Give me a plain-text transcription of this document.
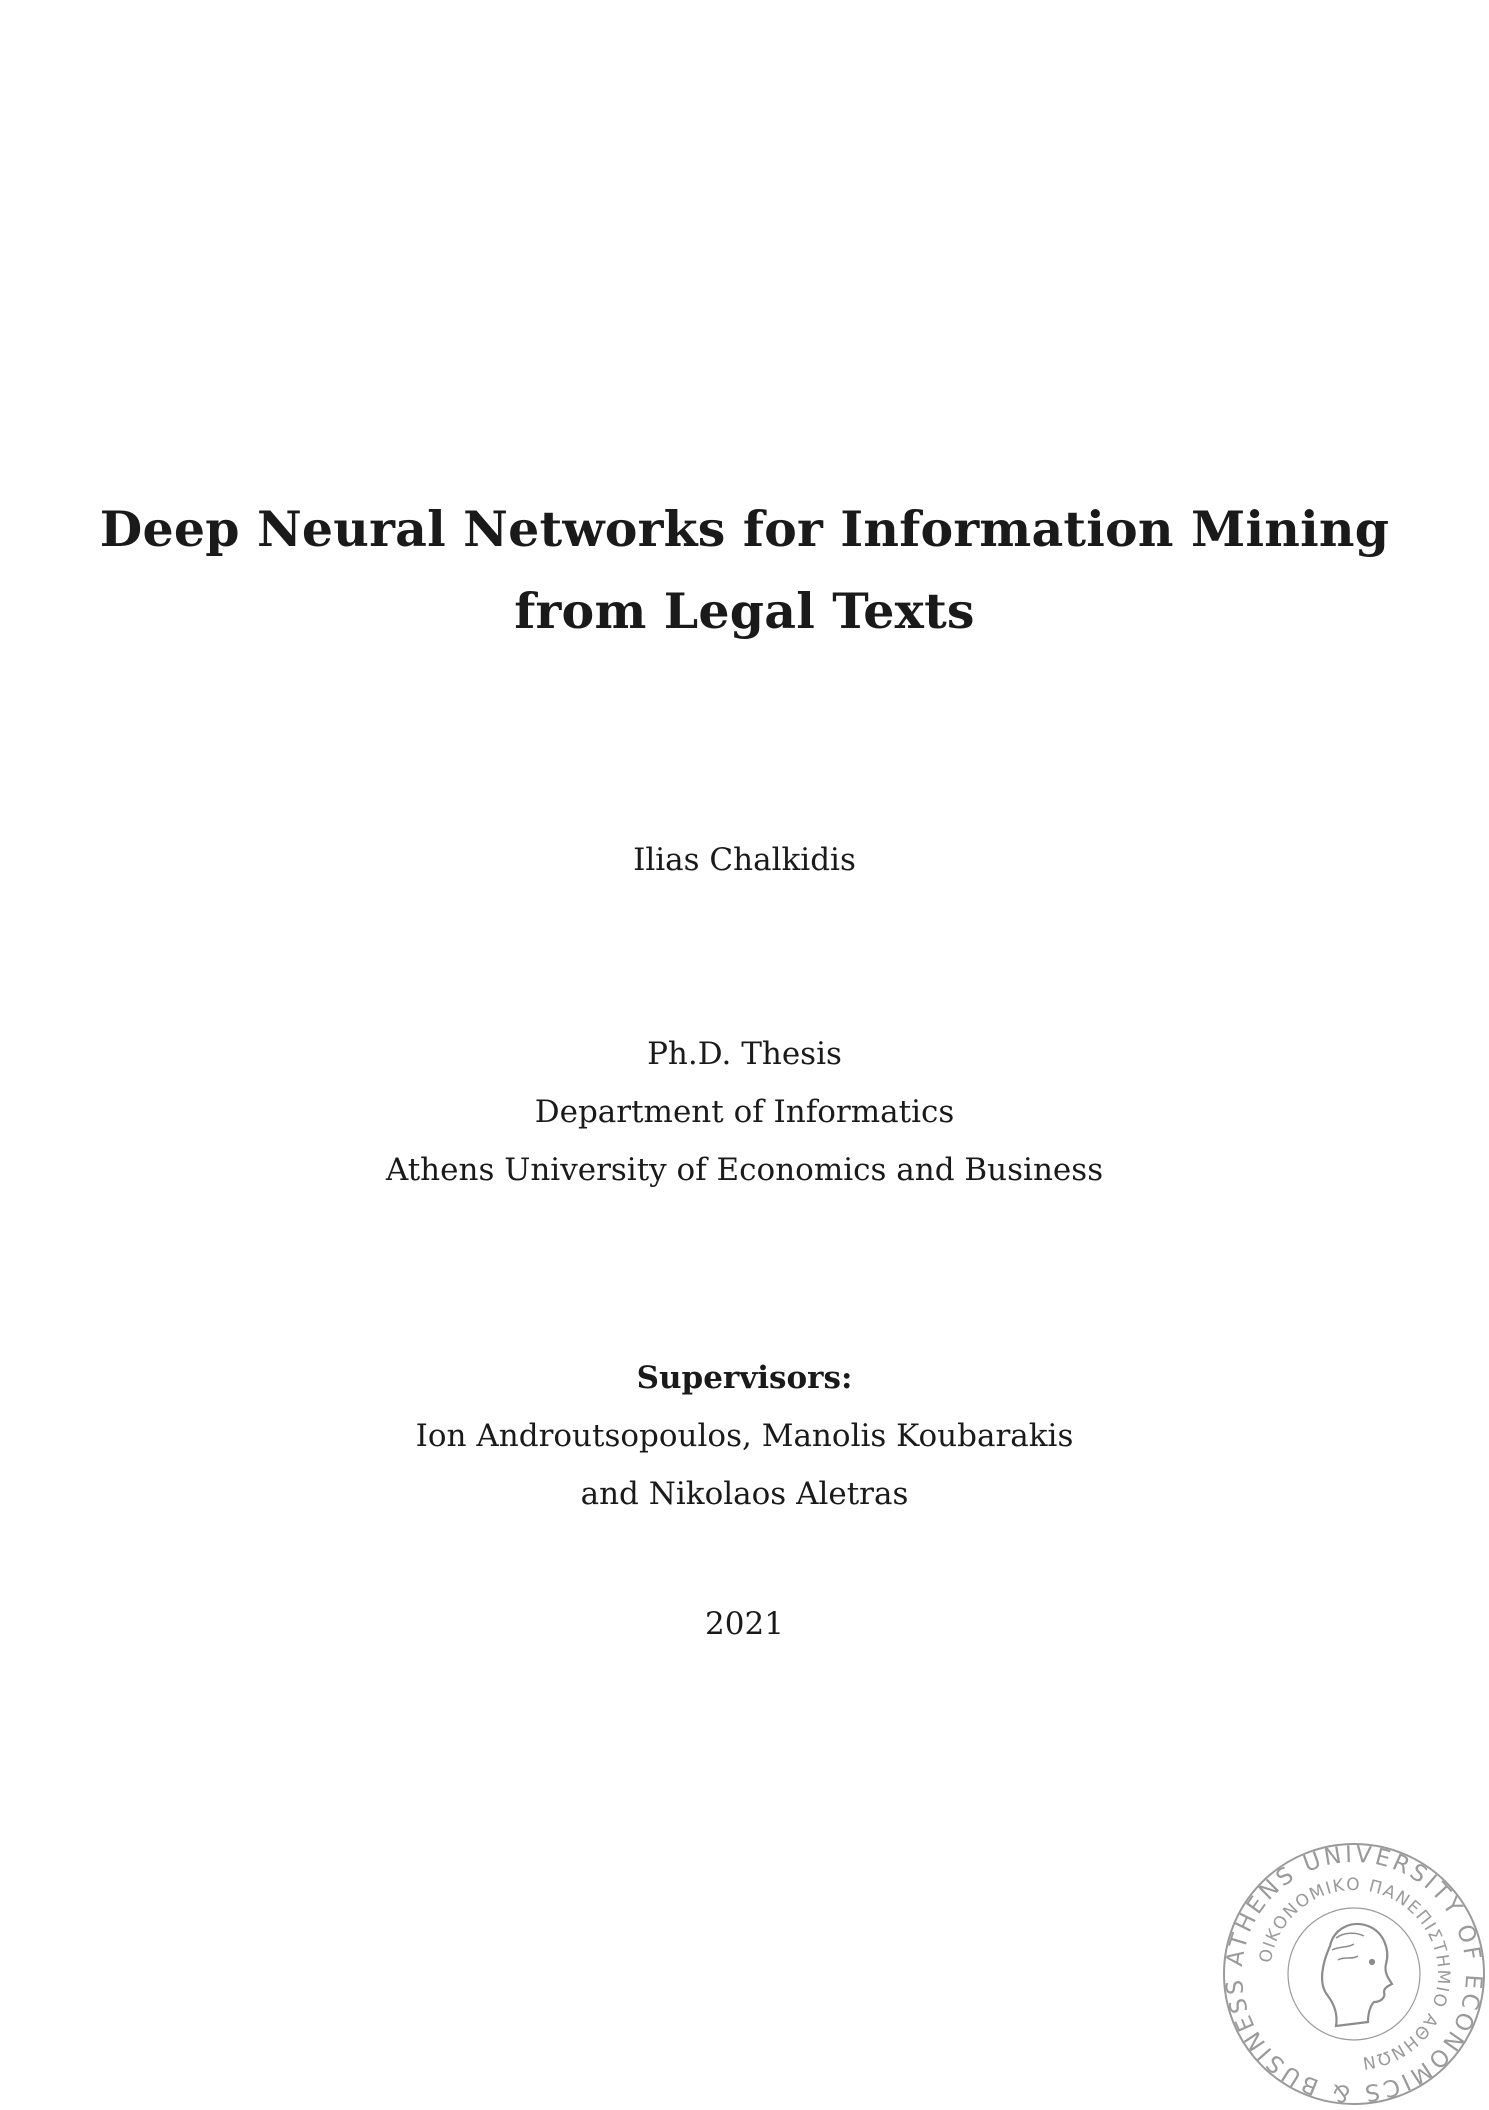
Deep Neural Networks for Information Mining
from Legal Texts
Ilias Chalkidis
Ph.D. Thesis
Department of Informatics
Athens University of Economics and Business
Supervisors:
Ion Androutsopoulos, Manolis Koubarakis
and Nikolaos Aletras
2021
ATHENS UNIVERSITY OF ECONOMICS & BUSINESS
ΟΙΚΟΝΟΜΙΚΟ ΠΑΝΕΠΙΣΤΗΜΙΟ ΑΘΗΝΩΝ
